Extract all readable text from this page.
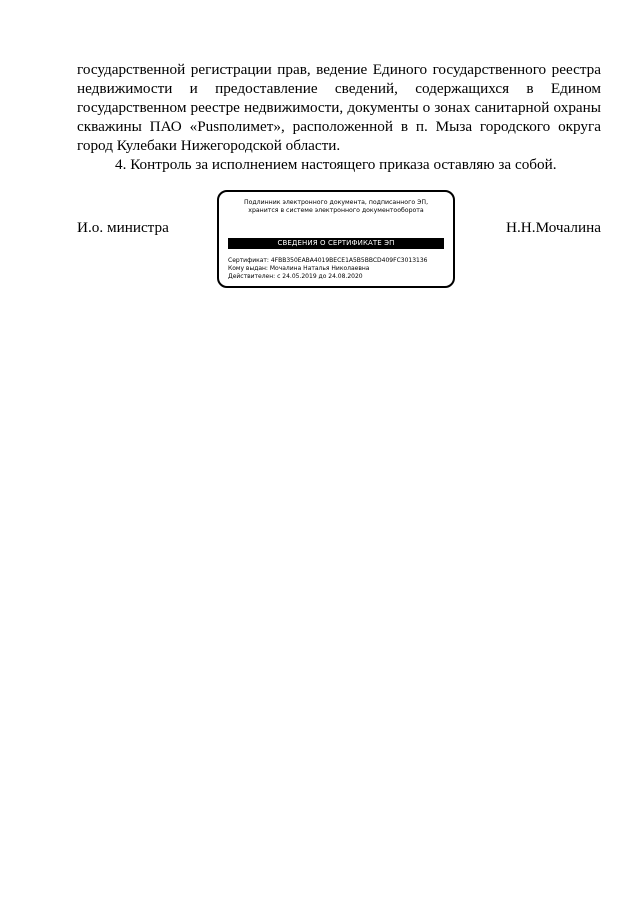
государственной регистрации прав, ведение Единого государственного реестра недвижимости и предоставление сведений, содержащихся в Едином государственном реестре недвижимости, документы о зонах санитарной охраны скважины ПАО «Рusполимет», расположенной в п. Мыза городского округа город Кулебаки Нижегородской области.

4. Контроль за исполнением настоящего приказа оставляю за собой.

И.о. министра
Подлинник электронного документа, подписанного ЭП,
хранится в системе электронного документооборота
СВЕДЕНИЯ О СЕРТИФИКАТЕ ЭП
Сертификат: 4FBB350EABA4019BECE1A5B5BBCD409FC3013136
Кому выдан: Мочалина Наталья Николаевна
Действителен: с 24.05.2019 до 24.08.2020
Н.Н.Мочалина
